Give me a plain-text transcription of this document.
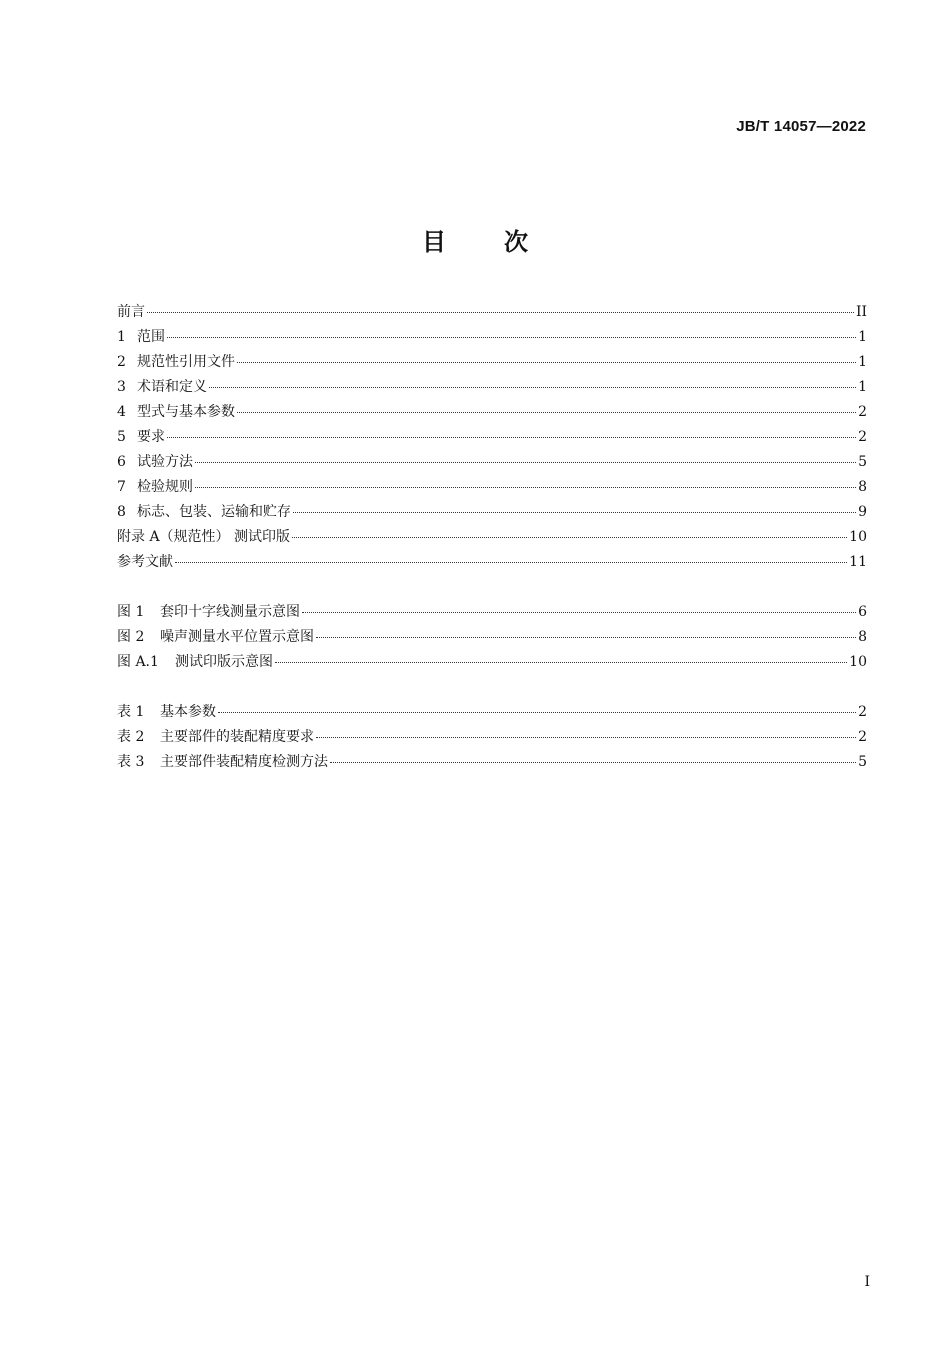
JB/T 14057—2022
目次
前言	II
1 范围	1
2 规范性引用文件	1
3 术语和定义	1
4 型式与基本参数	2
5 要求	2
6 试验方法	5
7 检验规则	8
8 标志、包装、运输和贮存	9
附录 A（规范性） 测试印版	10
参考文献	11
图 1	套印十字线测量示意图	6
图 2	噪声测量水平位置示意图	8
图 A.1	测试印版示意图	10
表 1	基本参数	2
表 2	主要部件的装配精度要求	2
表 3	主要部件装配精度检测方法	5
I
